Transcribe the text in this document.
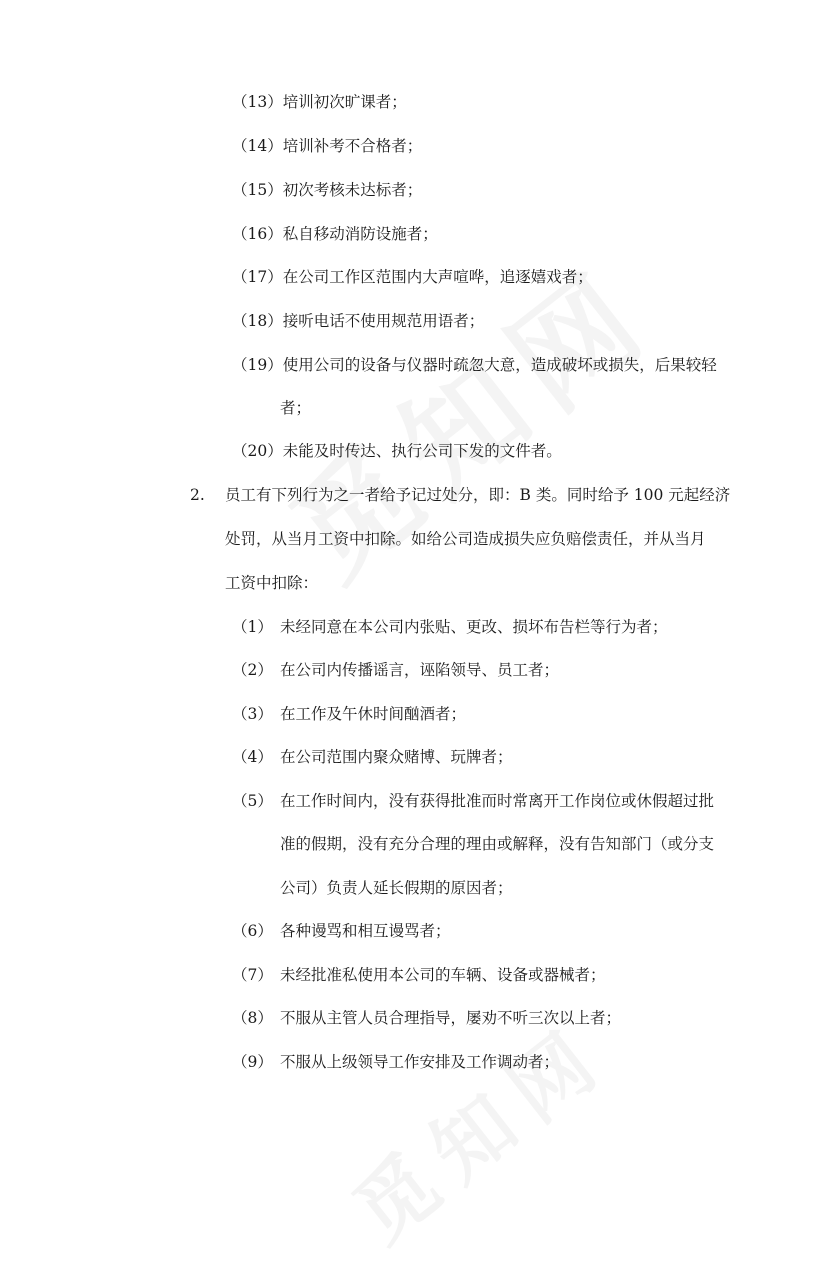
（13）培训初次旷课者；
（14）培训补考不合格者；
（15）初次考核未达标者；
（16）私自移动消防设施者；
（17）在公司工作区范围内大声喧哗，追逐嬉戏者；
（18）接听电话不使用规范用语者；
（19）使用公司的设备与仪器时疏忽大意，造成破坏或损失，后果较轻
者；
（20）未能及时传达、执行公司下发的文件者。
2. 员工有下列行为之一者给予记过处分，即：B 类。同时给予 100 元起经济
处罚，从当月工资中扣除。如给公司造成损失应负赔偿责任，并从当月
工资中扣除：
（1） 未经同意在本公司内张贴、更改、损坏布告栏等行为者；
（2） 在公司内传播谣言，诬陷领导、员工者；
（3） 在工作及午休时间酗酒者；
（4） 在公司范围内聚众赌博、玩牌者；
（5） 在工作时间内，没有获得批准而时常离开工作岗位或休假超过批
准的假期，没有充分合理的理由或解释，没有告知部门（或分支
公司）负责人延长假期的原因者；
（6） 各种谩骂和相互谩骂者；
（7） 未经批准私使用本公司的车辆、设备或器械者；
（8） 不服从主管人员合理指导，屡劝不听三次以上者；
（9） 不服从上级领导工作安排及工作调动者；
